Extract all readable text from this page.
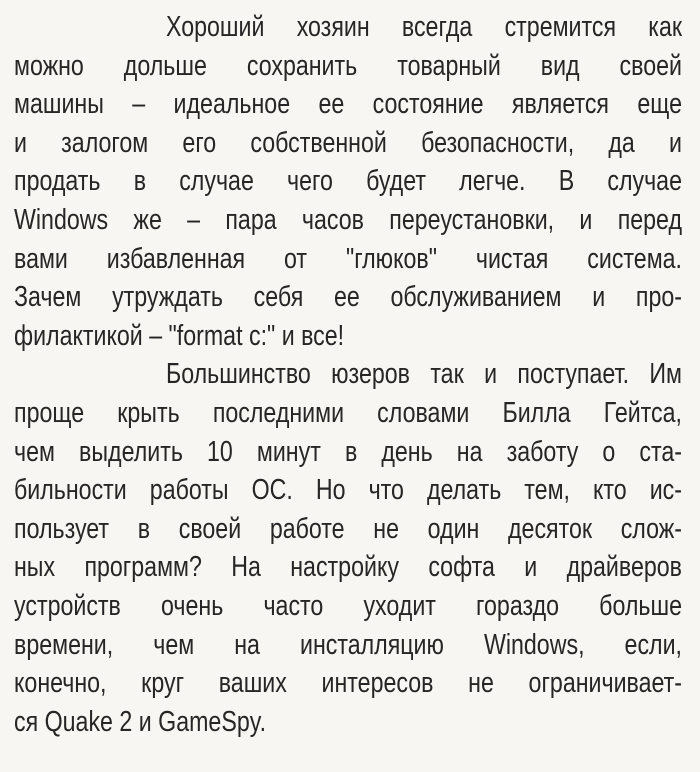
Хороший хозяин всегда стремится как
можно дольше сохранить товарный вид своей
машины – идеальное ее состояние является еще
и залогом его собственной безопасности, да и
продать в случае чего будет легче. В случае
Windows же – пара часов переустановки, и перед
вами избавленная от "глюков" чистая система.
Зачем утруждать себя ее обслуживанием и про-
филактикой – "format c:" и все!
Большинство юзеров так и поступает. Им
проще крыть последними словами Билла Гейтса,
чем выделить 10 минут в день на заботу о ста-
бильности работы ОС. Но что делать тем, кто ис-
пользует в своей работе не один десяток слож-
ных программ? На настройку софта и драйверов
устройств очень часто уходит гораздо больше
времени, чем на инсталляцию Windows, если,
конечно, круг ваших интересов не ограничивает-
ся Quake 2 и GameSpy.
